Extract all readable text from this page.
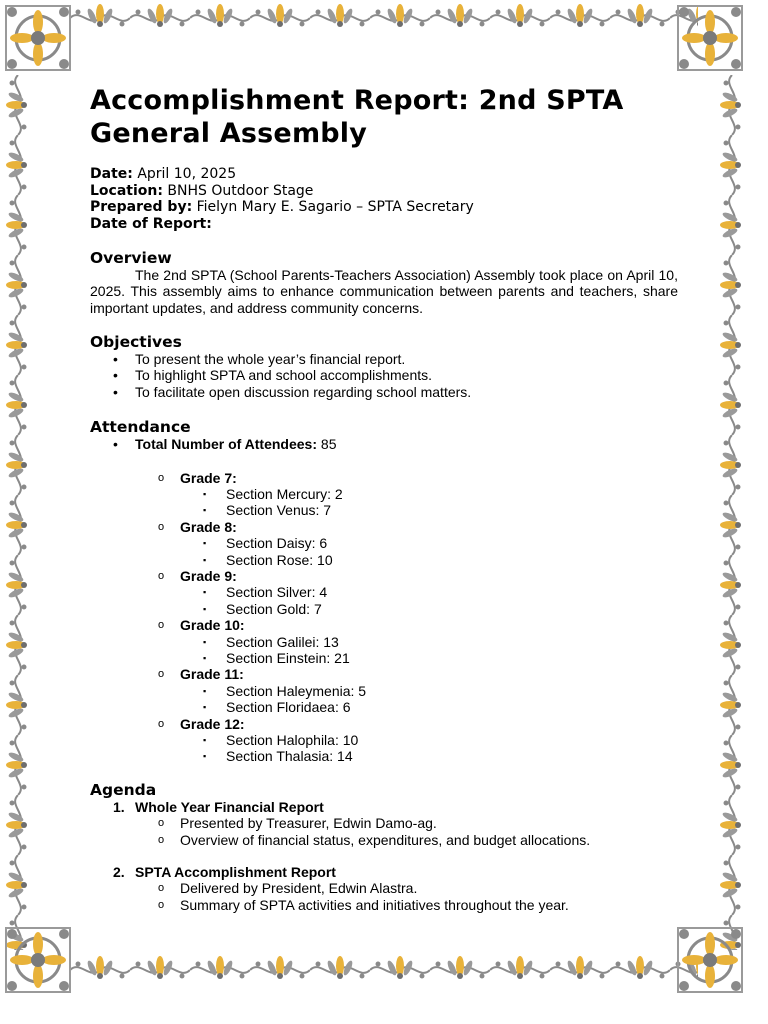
Accomplishment Report: 2nd SPTA General Assembly
Date: April 10, 2025
Location: BNHS Outdoor Stage
Prepared by: Fielyn Mary E. Sagario – SPTA Secretary
Date of Report:
Overview

The 2nd SPTA (School Parents-Teachers Association) Assembly took place on April 10, 2025. This assembly aims to enhance communication between parents and teachers, share important updates, and address community concerns.

Objectives
• To present the whole year’s financial report.
• To highlight SPTA and school accomplishments.
• To facilitate open discussion regarding school matters.
Attendance
• Total Number of Attendees: 85
o Grade 7:
▪ Section Mercury: 2
▪ Section Venus: 7
o Grade 8:
▪ Section Daisy: 6
▪ Section Rose: 10
o Grade 9:
▪ Section Silver: 4
▪ Section Gold: 7
o Grade 10:
▪ Section Galilei: 13
▪ Section Einstein: 21
o Grade 11:
▪ Section Haleymenia: 5
▪ Section Floridaea: 6
o Grade 12:
▪ Section Halophila: 10
▪ Section Thalasia: 14
Agenda
1. Whole Year Financial Report
o Presented by Treasurer, Edwin Damo-ag.
o Overview of financial status, expenditures, and budget allocations.
2. SPTA Accomplishment Report
o Delivered by President, Edwin Alastra.
o Summary of SPTA activities and initiatives throughout the year.
